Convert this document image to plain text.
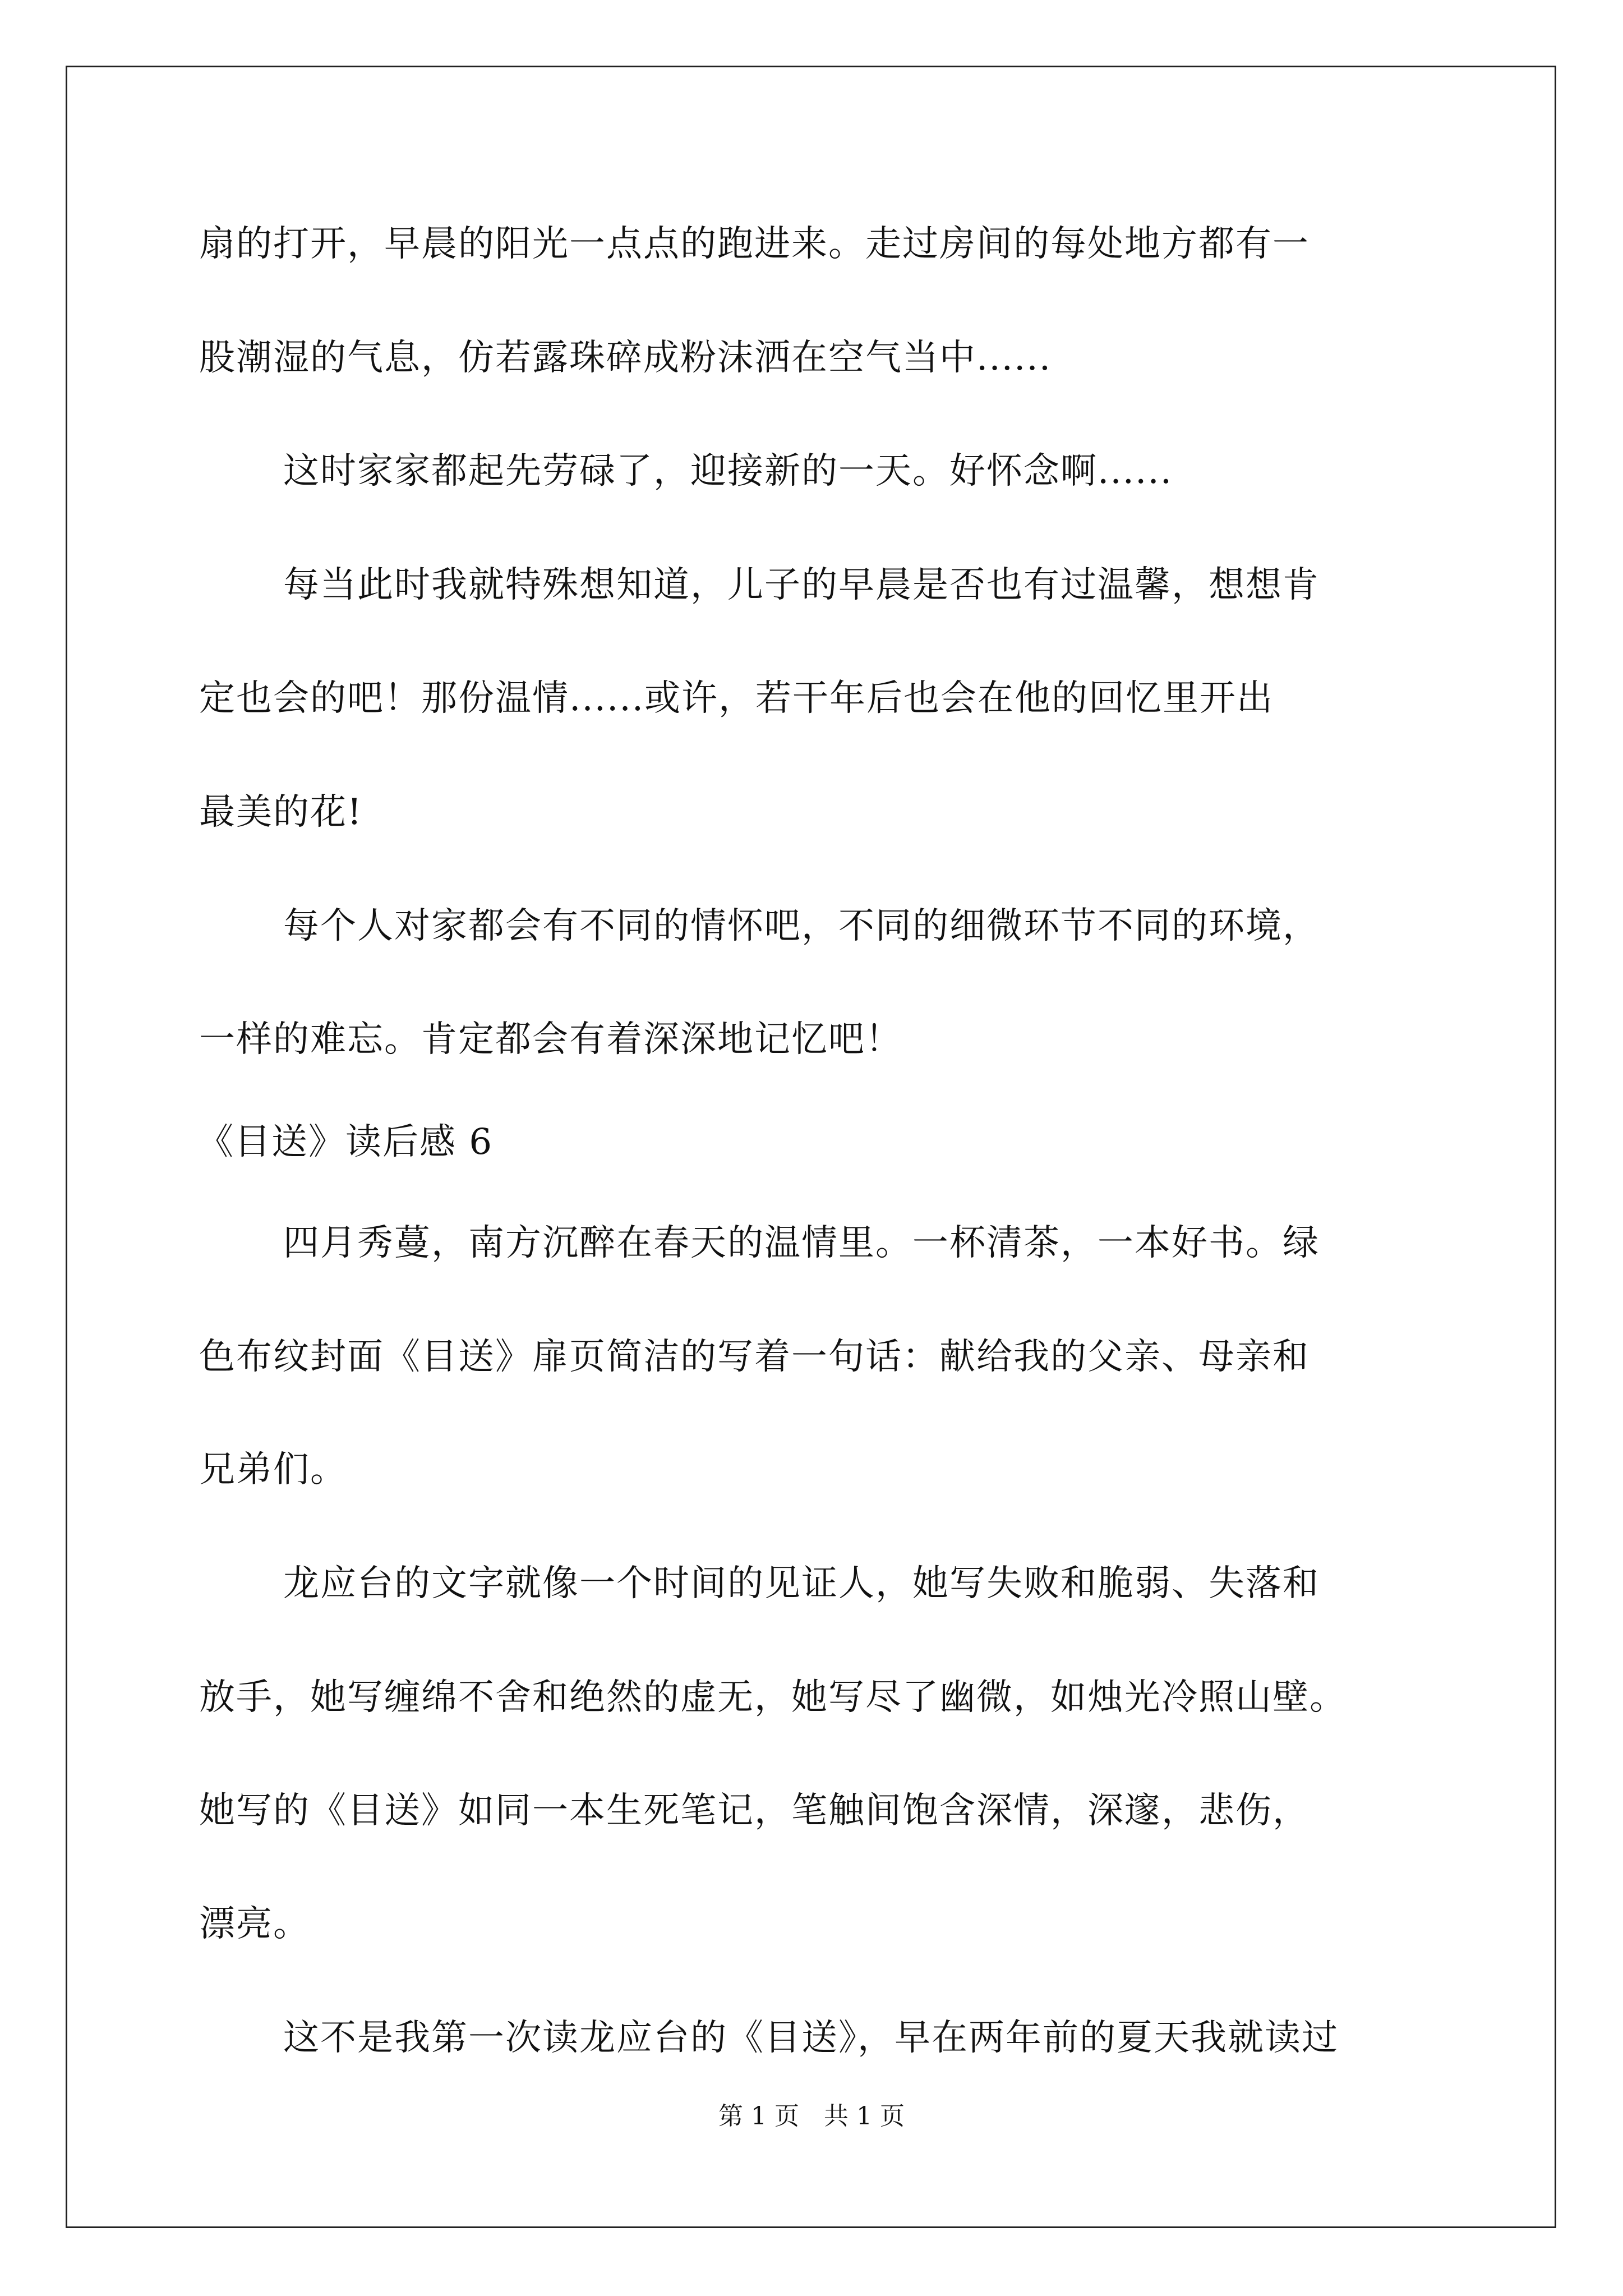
扇的打开，早晨的阳光一点点的跑进来。走过房间的每处地方都有一
股潮湿的气息，仿若露珠碎成粉沫洒在空气当中......
这时家家都起先劳碌了，迎接新的一天。好怀念啊......
每当此时我就特殊想知道，儿子的早晨是否也有过温馨，想想肯
定也会的吧！那份温情......或许，若干年后也会在他的回忆里开出
最美的花!
每个人对家都会有不同的情怀吧，不同的细微环节不同的环境，
一样的难忘。肯定都会有着深深地记忆吧！
《目送》读后感 6
四月秀蔓，南方沉醉在春天的温情里。一杯清茶，一本好书。绿
色布纹封面《目送》扉页简洁的写着一句话：献给我的父亲、母亲和
兄弟们。
龙应台的文字就像一个时间的见证人，她写失败和脆弱、失落和
放手，她写缠绵不舍和绝然的虚无，她写尽了幽微，如烛光冷照山壁。
她写的《目送》如同一本生死笔记，笔触间饱含深情，深邃，悲伤，
漂亮。
这不是我第一次读龙应台的《目送》，早在两年前的夏天我就读过
第 1 页　共 1 页
